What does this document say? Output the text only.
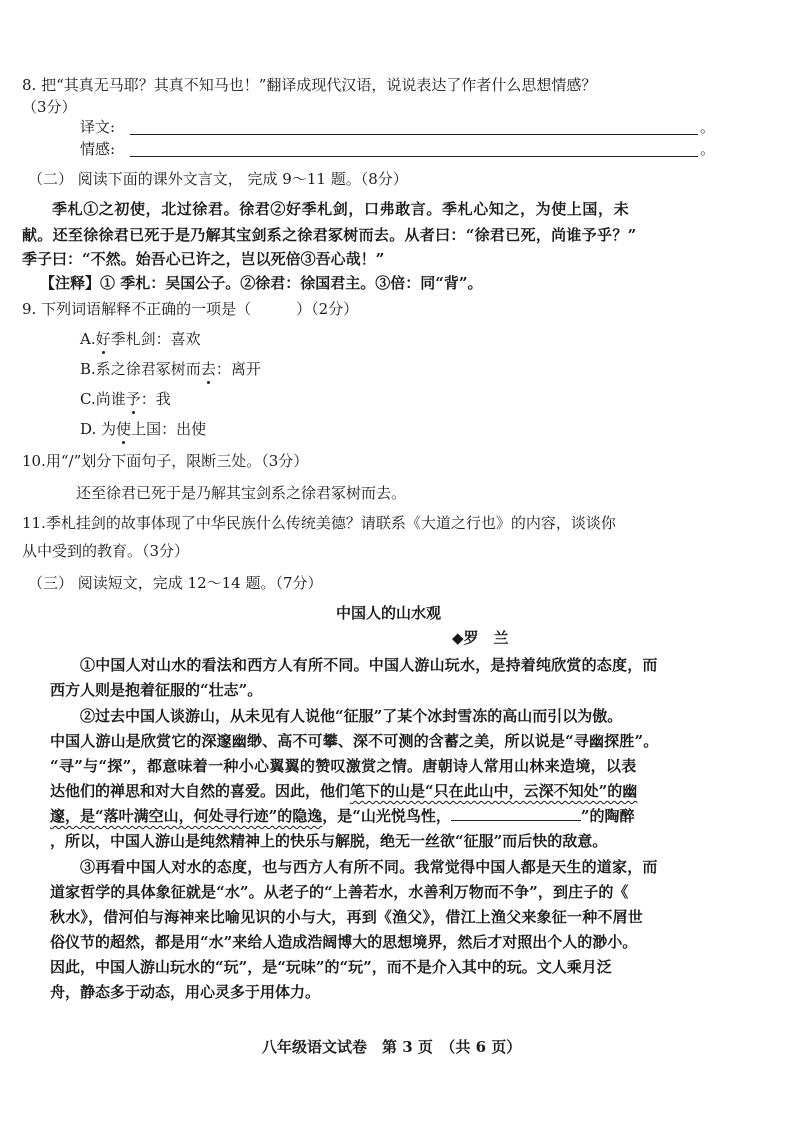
8. 把“其真无马耶？其真不知马也！”翻译成现代汉语，说说表达了作者什么思想情感？
（3分）
译文:	。
情感:	。
（二） 阅读下面的课外文言文， 完成 9～11 题。（8分）
季札①之初使，北过徐君。徐君②好季札剑，口弗敢言。季札心知之，为使上国，未
献。还至徐徐君已死于是乃解其宝剑系之徐君冢树而去。从者曰：“徐君已死，尚谁予乎？”
季子曰：“不然。始吾心已许之，岂以死倍③吾心哉！”
【注释】① 季札：吴国公子。②徐君：徐国君主。③倍：同“背”。
9. 下列词语解释不正确的一项是（　　　）（2分）
A.好季札剑：喜欢
B.系之徐君冢树而去：离开
C.尚谁予：我
D. 为使上国：出使
10.用“/”划分下面句子，限断三处。（3分）
还至徐君已死于是乃解其宝剑系之徐君冢树而去。
11.季札挂剑的故事体现了中华民族什么传统美德？请联系《大道之行也》的内容，谈谈你
从中受到的教育。（3分）
（三） 阅读短文，完成 12～14 题。（7分）
中国人的山水观
◆罗　兰
①中国人对山水的看法和西方人有所不同。中国人游山玩水，是持着纯欣赏的态度，而
西方人则是抱着征服的“壮志”。
②过去中国人谈游山，从未见有人说他“征服”了某个冰封雪冻的高山而引以为傲。
中国人游山是欣赏它的深邃幽缈、高不可攀、深不可测的含蓄之美，所以说是“寻幽探胜”。
“寻”与“探”，都意味着一种小心翼翼的赞叹激赏之情。唐朝诗人常用山林来造境，以表
达他们的禅思和对大自然的喜爱。因此，他们笔下的山是“只在此山中，云深不知处”的幽
邃，是“落叶满空山，何处寻行迹”的隐逸，是“山光悦鸟性，	”的陶醉
，所以，中国人游山是纯然精神上的快乐与解脱，绝无一丝欲“征服”而后快的敌意。
③再看中国人对水的态度，也与西方人有所不同。我常觉得中国人都是天生的道家，而
道家哲学的具体象征就是“水”。从老子的“上善若水，水善利万物而不争”，到庄子的《
秋水》，借河伯与海神来比喻见识的小与大，再到《渔父》，借江上渔父来象征一种不屑世
俗仪节的超然，都是用“水”来给人造成浩阔博大的思想境界，然后才对照出个人的渺小。
因此，中国人游山玩水的“玩”，是“玩味”的“玩”，而不是介入其中的玩。文人乘月泛
舟，静态多于动态，用心灵多于用体力。
八年级语文试卷　第 3 页　（共 6 页）
